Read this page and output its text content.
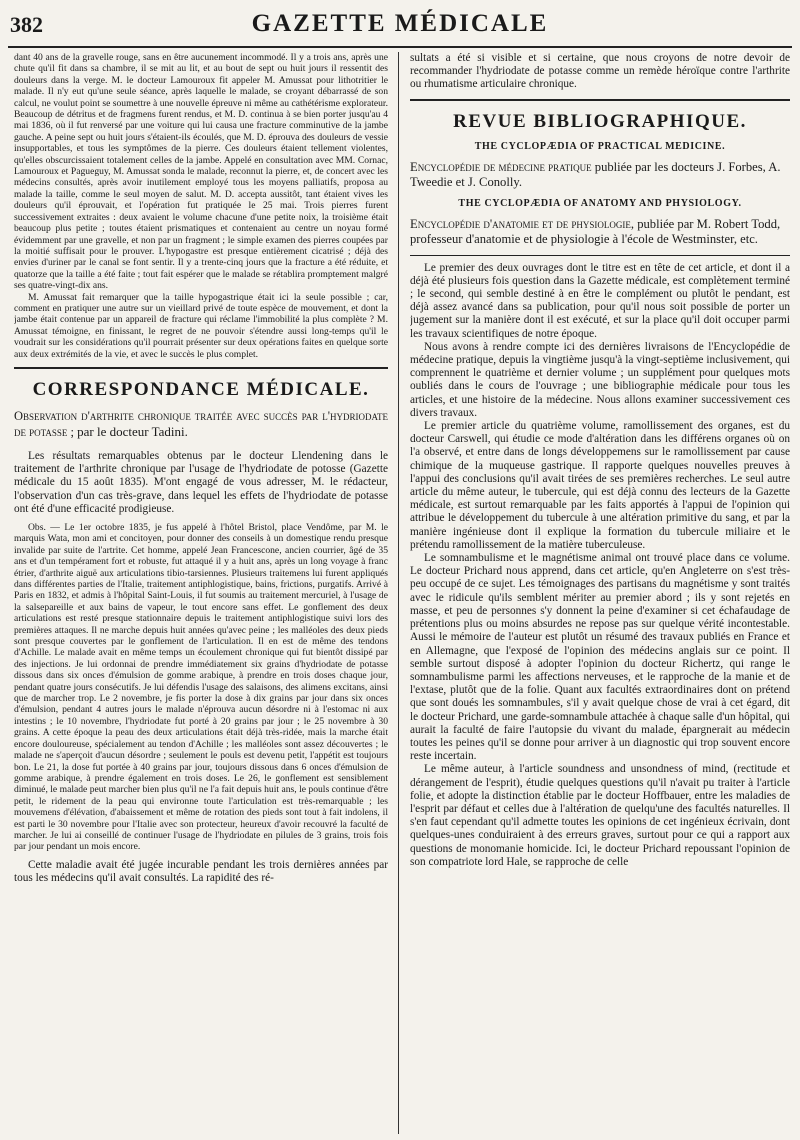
382	GAZETTE MÉDICALE

dant 40 ans de la gravelle rouge, sans en être aucunement incommodé. Il y a trois ans, après une chute qu'il fit dans sa chambre, il se mit au lit, et au bout de sept ou huit jours il ressentit des douleurs dans la verge. M. le docteur Lamouroux fit appeler M. Amussat pour lithotritier le malade. Il n'y eut qu'une seule séance, après laquelle le malade, se croyant débarrassé de son calcul, ne voulut point se soumettre à une nouvelle épreuve ni même au cathétérisme explorateur. Beaucoup de détritus et de fragmens furent rendus, et M. D. continua à se bien porter jusqu'au 4 mai 1836, où il fut renversé par une voiture qui lui causa une fracture comminutive de la jambe gauche. A peine sept ou huit jours s'étaient-ils écoulés, que M. D. éprouva des douleurs de vessie insupportables, et tous les symptômes de la pierre. Ces douleurs étaient tellement violentes, qu'elles obscurcissaient totalement celles de la jambe. Appelé en consultation avec MM. Cornac, Lamouroux et Pagueguy, M. Amussat sonda le malade, reconnut la pierre, et, de concert avec les médecins consultés, après avoir inutilement employé tous les moyens palliatifs, proposa au malade la taille, comme le seul moyen de salut. M. D. accepta aussitôt, tant étaient vives les douleurs qu'il éprouvait, et l'opération fut pratiquée le 25 mai. Trois pierres furent successivement extraites : deux avaient le volume chacune d'une petite noix, la troisième était beaucoup plus petite ; toutes étaient prismatiques et contenaient au centre un noyau formé évidemment par une gravelle, et non par un fragment ; le simple examen des pierres coupées par la moitié suffisait pour le prouver. L'hypogastre est presque entièrement cicatrisé ; déjà des envies d'uriner par le canal se font sentir. Il y a trente-cinq jours que la fracture a été réduite, et quatorze que la taille a été faite ; tout fait espérer que le malade se rétablira promptement malgré ses quatre-vingt-dix ans.

M. Amussat fait remarquer que la taille hypogastrique était ici la seule possible ; car, comment en pratiquer une autre sur un vieillard privé de toute espèce de mouvement, et dont la jambe était contenue par un appareil de fracture qui réclame l'immobilité la plus complète ? M. Amussat témoigne, en finissant, le regret de ne pouvoir s'étendre aussi long-temps qu'il le voudrait sur les considérations qu'il pourrait présenter sur deux opérations faites en quelque sorte aux deux extrémités de la vie, et avec le succès le plus complet.

CORRESPONDANCE MÉDICALE.

Observation d'arthrite chronique traitée avec succès par l'hydriodate de potasse ; par le docteur Tadini.

Les résultats remarquables obtenus par le docteur Llendening dans le traitement de l'arthrite chronique par l'usage de l'hydriodate de potosse (Gazette médicale du 15 août 1835). M'ont engagé de vous adresser, M. le rédacteur, l'observation d'un cas très-grave, dans lequel les effets de l'hydriodate de potasse ont été d'une efficacité prodigieuse.

Obs. — Le 1er octobre 1835, je fus appelé à l'hôtel Bristol, place Vendôme, par M. le marquis Wata, mon ami et concitoyen, pour donner des conseils à un domestique rendu presque invalide par suite de l'artrite. Cet homme, appelé Jean Francescone, ancien courrier, âgé de 35 ans et d'un tempérament fort et robuste, fut attaqué il y a huit ans, après un long voyage à franc étrier, d'arthrite aiguë aux articulations tibio-tarsiennes. Plusieurs traitemens lui furent appliqués dans différentes parties de l'Italie, traitement antiphlogistique, bains, frictions, purgatifs. Arrivé à Paris en 1832, et admis à l'hôpital Saint-Louis, il fut soumis au traitement mercuriel, à l'usage de la salsepareille et aux bains de vapeur, le tout encore sans effet. Le gonflement des deux articulations est resté presque stationnaire depuis le traitement antiphlogistique suivi lors des premières attaques. Il ne marche depuis huit années qu'avec peine ; les malléoles des deux pieds sont presque couvertes par le gonflement de l'articulation. Il en est de même des tendons d'Achille. Le malade avait en même temps un écoulement chronique qui fut bientôt dissipé par des injections. Je lui ordonnai de prendre immédiatement six grains d'hydriodate de potasse dissous dans six onces d'émulsion de gomme arabique, à prendre en trois doses chaque jour, pendant quatre jours consécutifs. Je lui défendis l'usage des salaisons, des alimens excitans, ainsi que de marcher trop. Le 2 novembre, je fis porter la dose à dix grains par jour dans six onces d'émulsion, pendant 4 autres jours le malade n'éprouva aucun désordre ni à l'estomac ni aux intestins ; le 10 novembre, l'hydriodate fut porté à 20 grains par jour ; le 25 novembre à 30 grains. A cette époque la peau des deux articulations était déjà très-ridée, mais la marche était encore douloureuse, spécialement au tendon d'Achille ; les malléoles sont assez découvertes ; le malade ne s'aperçoit d'aucun désordre ; seulement le pouls est devenu petit, l'appétit est toujours bon. Le 21, la dose fut portée à 40 grains par jour, toujours dissous dans 6 onces d'émulsion de gomme arabique, à prendre également en trois doses. Le 26, le gonflement est sensiblement diminué, le malade peut marcher bien plus qu'il ne l'a fait depuis huit ans, le pouls continue d'être petit, le ridement de la peau qui environne toute l'articulation est très-remarquable ; les mouvemens d'élévation, d'abaissement et même de rotation des pieds sont tout à fait indolens, il est parti le 30 novembre pour l'Italie avec son protecteur, heureux d'avoir recouvré la faculté de marcher. Je lui ai conseillé de continuer l'usage de l'hydriodate en pilules de 3 grains, trois fois par jour pendant un mois encore.

Cette maladie avait été jugée incurable pendant les trois dernières années par tous les médecins qu'il avait consultés. La rapidité des ré-

sultats a été si visible et si certaine, que nous croyons de notre devoir de recommander l'hydriodate de potasse comme un remède héroïque contre l'arthrite ou rhumatisme articulaire chronique.

REVUE BIBLIOGRAPHIQUE.
THE CYCLOPÆDIA OF PRACTICAL MEDICINE.

Encyclopédie de médecine pratique publiée par les docteurs J. Forbes, A. Tweedie et J. Conolly.

THE CYCLOPÆDIA OF ANATOMY AND PHYSIOLOGY.

Encyclopédie d'anatomie et de physiologie, publiée par M. Robert Todd, professeur d'anatomie et de physiologie à l'école de Westminster, etc.

Le premier des deux ouvrages dont le titre est en tête de cet article, et dont il a déjà été plusieurs fois question dans la Gazette médicale, est complètement terminé ; le second, qui semble destiné à en être le complément ou plutôt le pendant, est déjà assez avancé dans sa publication, pour qu'il nous soit possible de porter un jugement sur la manière dont il est exécuté, et sur la place qu'il doit occuper parmi les travaux scientifiques de notre époque.

Nous avons à rendre compte ici des dernières livraisons de l'Encyclopédie de médecine pratique, depuis la vingtième jusqu'à la vingt-septième inclusivement, qui comprennent le quatrième et dernier volume ; un supplément pour quelques mots oubliés dans le cours de l'ouvrage ; une bibliographie médicale pour tous les articles, et une histoire de la médecine. Nous allons examiner successivement ces divers travaux.

Le premier article du quatrième volume, ramollissement des organes, est du docteur Carswell, qui étudie ce mode d'altération dans les différens organes où on l'a observé, et entre dans de longs développemens sur le ramollissement par cause chimique de la muqueuse gastrique. Il rapporte quelques nouvelles preuves à l'appui des conclusions qu'il avait tirées de ses premières recherches. Le seul autre article du même auteur, le tubercule, qui est déjà connu des lecteurs de la Gazette médicale, est surtout remarquable par les faits apportés à l'appui de l'opinion qui attribue le développement du tubercule à une altération primitive du sang, et par la manière ingénieuse dont il explique la formation du tubercule miliaire et le prétendu ramollissement de la matière tuberculeuse.

Le somnambulisme et le magnétisme animal ont trouvé place dans ce volume. Le docteur Prichard nous apprend, dans cet article, qu'en Angleterre on s'est très-peu occupé de ce sujet. Les témoignages des partisans du magnétisme y sont traités avec le ridicule qu'ils semblent mériter au premier abord ; ils y sont rejetés en masse, et peu de personnes s'y donnent la peine d'examiner si cet échafaudage de prétentions plus ou moins absurdes ne repose pas sur quelque vérité incontestable. Aussi le mémoire de l'auteur est plutôt un résumé des travaux publiés en France et en Allemagne, que l'exposé de l'opinion des médecins anglais sur ce point. Il semble surtout disposé à adopter l'opinion du docteur Richertz, qui range le somnambulisme parmi les affections nerveuses, et le rapproche de la manie et de l'extase, plutôt que de la folie. Quant aux facultés extraordinaires dont on prétend que sont doués les somnambules, s'il y avait quelque chose de vrai à cet égard, dit le docteur Prichard, une garde-somnambule attachée à chaque salle d'un hôpital, qui aurait la faculté de faire l'autopsie du vivant du malade, épargnerait au médecin toutes les peines qu'il se donne pour arriver à un diagnostic qui trop souvent encore reste incertain.

Le même auteur, à l'article soundness and unsondness of mind, (rectitude et dérangement de l'esprit), étudie quelques questions qu'il n'avait pu traiter à l'article folie, et adopte la distinction établie par le docteur Hoffbauer, entre les maladies de l'esprit par défaut et celles due à l'altération de quelqu'une des facultés naturelles. Il s'en faut cependant qu'il admette toutes les opinions de cet ingénieux écrivain, dont quelques-unes conduiraient à des erreurs graves, surtout pour ce qui a rapport aux questions de monomanie homicide. Ici, le docteur Prichard repoussant l'opinion de son compatriote lord Hale, se rapproche de celle
